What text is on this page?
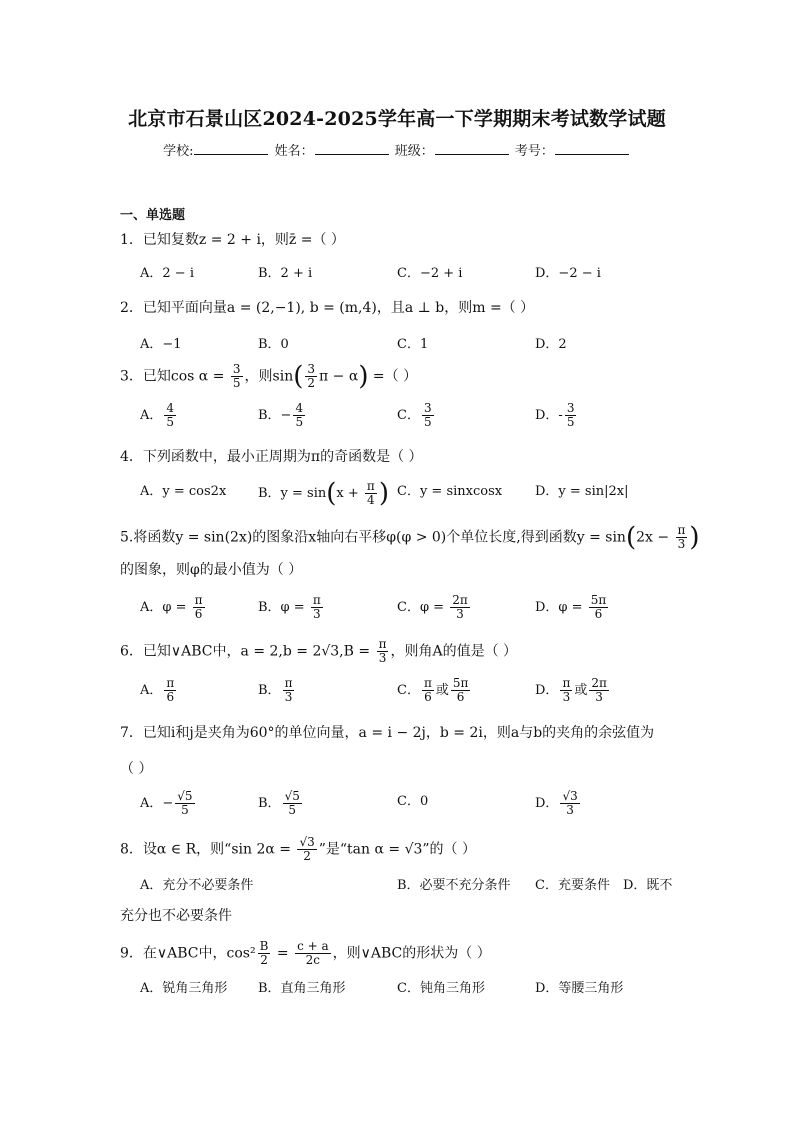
北京市石景山区2024-2025学年高一下学期期末考试数学试题
学校:	姓名：	班级：	考号：
一、单选题
1．已知复数z = 2 + i，则z̄ =（ ）
A．2 − i	B．2 + i	C．−2 + i	D．−2 − i
2．已知平面向量a = (2,−1), b = (m,4)，且a ⊥ b，则m =（ ）
A．−1	B．0	C．1	D．2
3．已知$\cos \alpha = \frac{3}{5}$ ，则$\sin( \frac{3}{2}$ π − α) =（ ）
A． $\frac{4}{5}$	B．− $\frac{4}{5}$	C． $\frac{3}{5}$	D．- $\frac{3}{5}$
4．下列函数中，最小正周期为π的奇函数是（ ）
A．y = cos2x B．$y = \sin(x + \frac{\pi}{4}$ ) C．y = sinxcosx	D．y = sin|2x|
5.将函数y = sin(2x)的图象沿x轴向右平移φ(φ > 0)个单位长度,得到函数$y = \sin(2x - \frac{\pi}{3}$ )
的图象，则φ的最小值为（ ）
A．$\varphi = \frac{\pi}{6}$	B．$\varphi = \frac{\pi}{3}$	C．$\varphi = \frac{2\pi}{3}$	D．$\varphi = \frac{5\pi}{6}$
6．已知∨ABC中，$a = 2,b = 2√3,B = \frac{\pi}{3}$ ，则角A的值是（ ）
A． $\frac{\pi}{6}$	B． $\frac{\pi}{3}$	C． $\frac{\pi}{6}$ 或 $\frac{5\pi}{6}$	D． $\frac{\pi}{3}$ 或 $\frac{2\pi}{3}$
7．已知i和j是夹角为60°的单位向量，a = i − 2j，b = 2i，则a与b的夹角的余弦值为
（ ）
A．− $\frac{√5}{5}$	B． $\frac{√5}{5}$	C．0	D． $\frac{√3}{3}$
8．设α ∈ R，则“sin $2\alpha = \frac{√3}{2}$ ”是“tan α = √3”的（ ）
A．充分不必要条件	B．必要不充分条件 C．充要条件 D．既不
充分也不必要条件
9．在∨ABC中，$\cos^2 \frac{B}{2} = \frac{c + a}{2c}$ ，则∨ABC的形状为（ ）
A．锐角三角形 B．直角三角形	C．钝角三角形	D．等腰三角形
